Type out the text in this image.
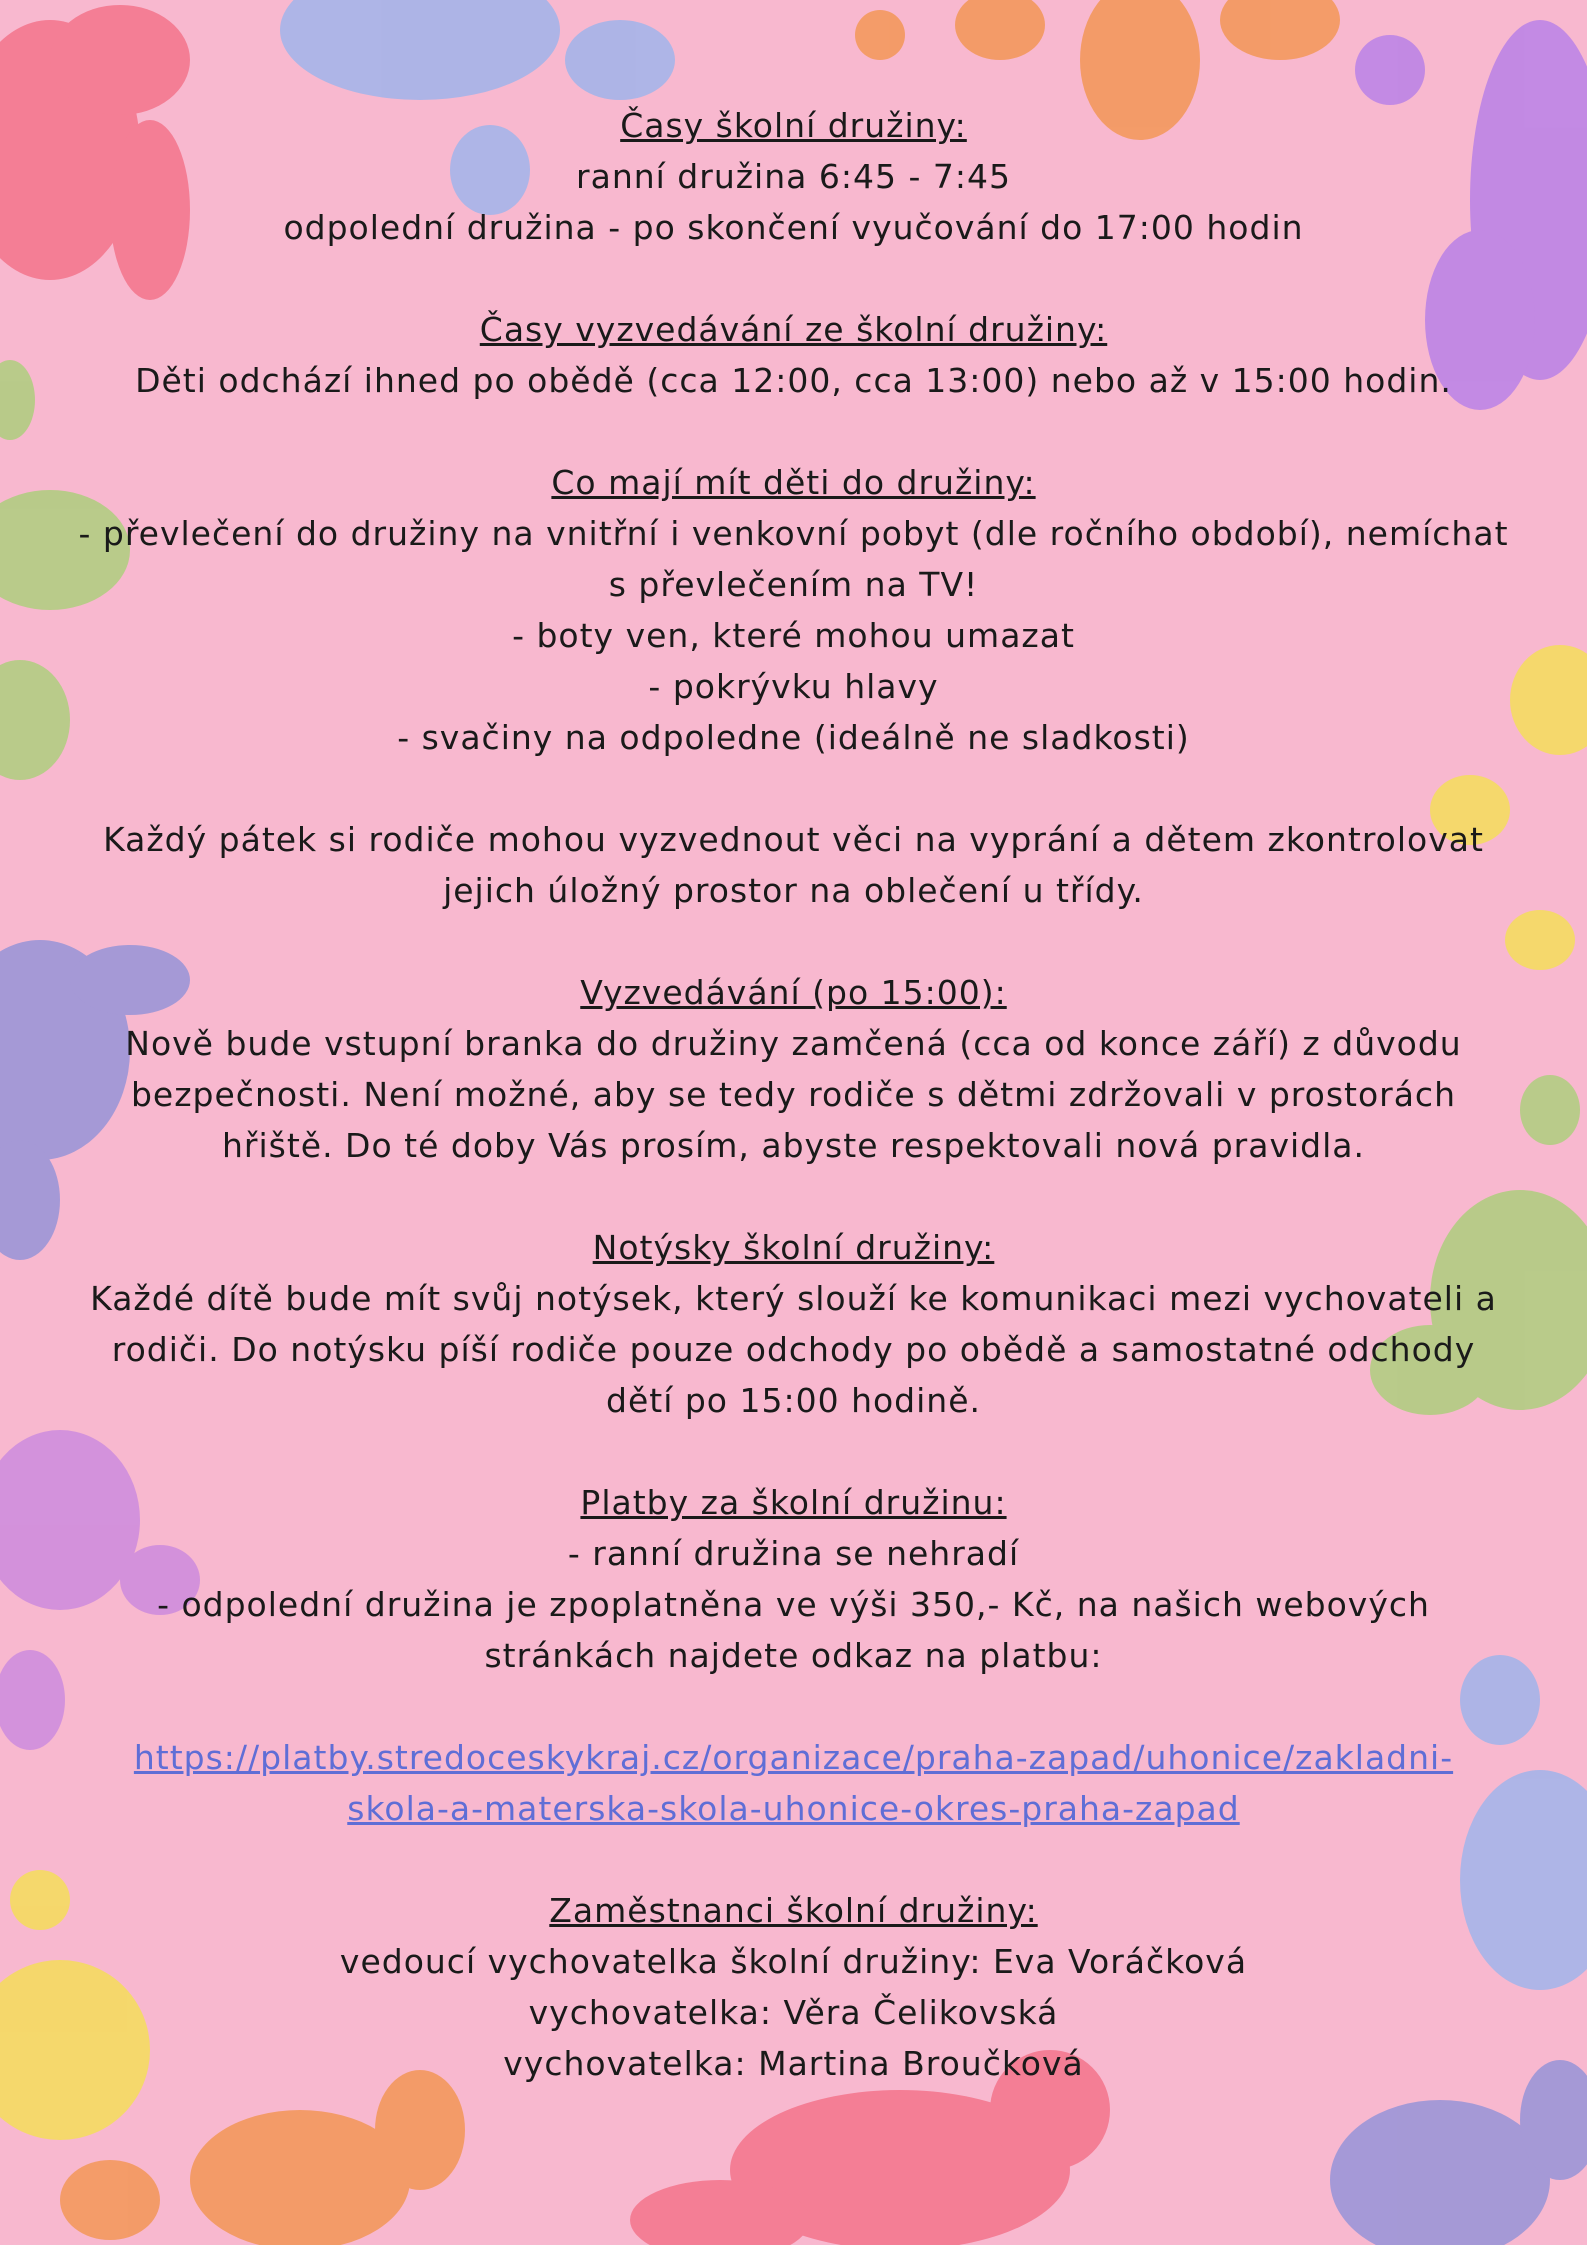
Časy školní družiny:
ranní družina 6:45 - 7:45
odpolední družina - po skončení vyučování do 17:00 hodin
Časy vyzvedávání ze školní družiny:
Děti odchází ihned po obědě (cca 12:00, cca 13:00) nebo až v 15:00 hodin.
Co mají mít děti do družiny:
- převlečení do družiny na vnitřní i venkovní pobyt (dle ročního období), nemíchat
s převlečením na TV!
- boty ven, které mohou umazat
- pokrývku hlavy
- svačiny na odpoledne (ideálně ne sladkosti)
Každý pátek si rodiče mohou vyzvednout věci na vyprání a dětem zkontrolovat
jejich úložný prostor na oblečení u třídy.
Vyzvedávání (po 15:00):
Nově bude vstupní branka do družiny zamčená (cca od konce září) z důvodu
bezpečnosti. Není možné, aby se tedy rodiče s dětmi zdržovali v prostorách
hřiště. Do té doby Vás prosím, abyste respektovali nová pravidla.
Notýsky školní družiny:
Každé dítě bude mít svůj notýsek, který slouží ke komunikaci mezi vychovateli a
rodiči. Do notýsku píší rodiče pouze odchody po obědě a samostatné odchody
dětí po 15:00 hodině.
Platby za školní družinu:
- ranní družina se nehradí
- odpolední družina je zpoplatněna ve výši 350,- Kč, na našich webových
stránkách najdete odkaz na platbu:
https://platby.stredoceskykraj.cz/organizace/praha-zapad/uhonice/zakladni-
skola-a-materska-skola-uhonice-okres-praha-zapad
Zaměstnanci školní družiny:
vedoucí vychovatelka školní družiny: Eva Voráčková
vychovatelka: Věra Čelikovská
vychovatelka: Martina Broučková
